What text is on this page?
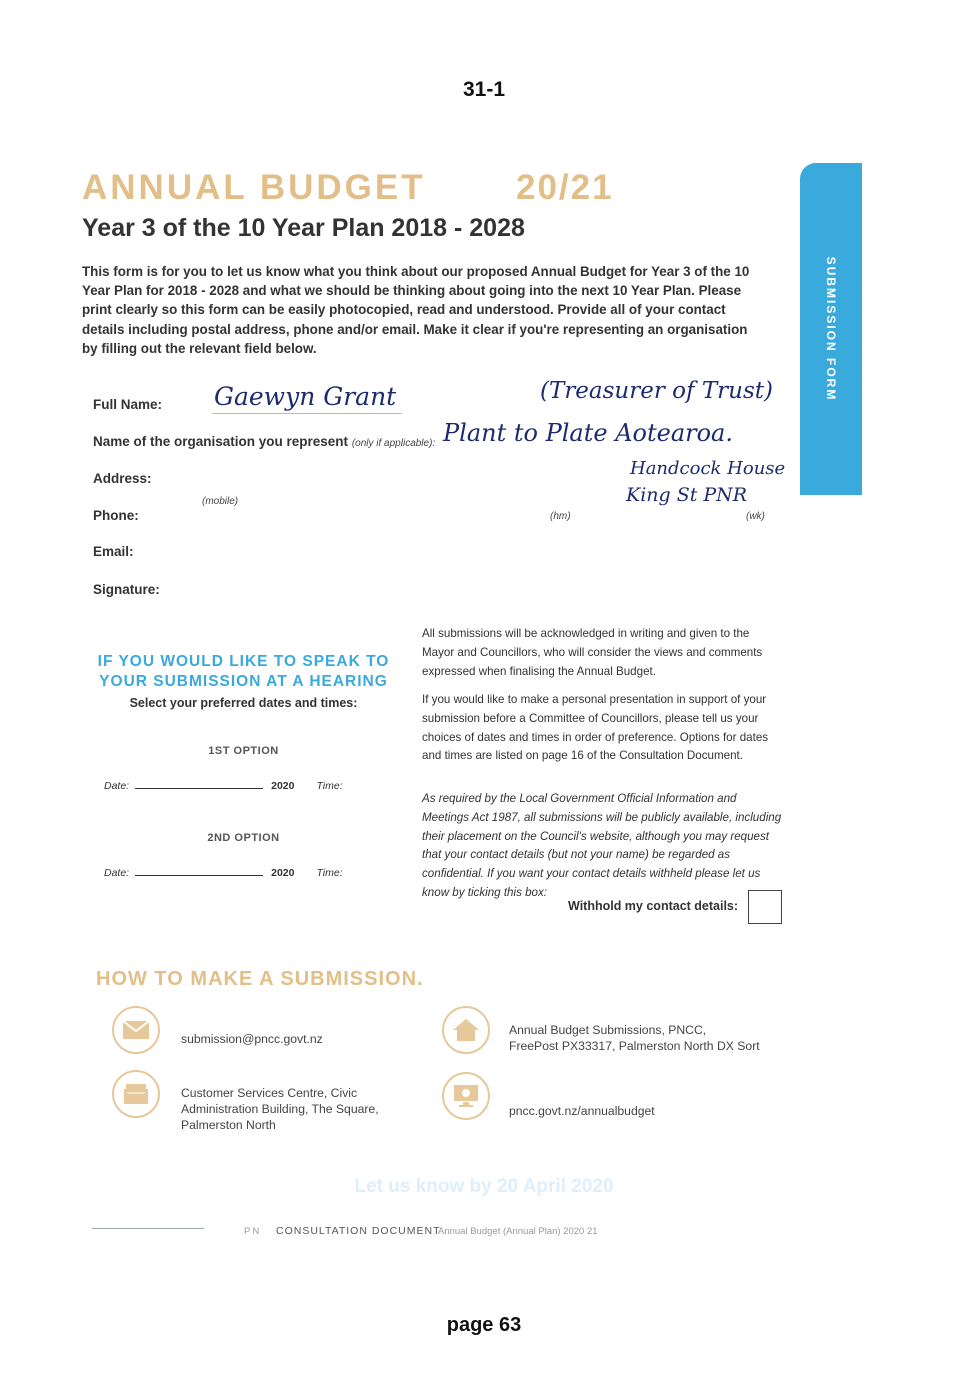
31-1
ANNUAL BUDGET	20/21
Year 3 of the 10 Year Plan 2018 - 2028
This form is for you to let us know what you think about our proposed Annual Budget for Year 3 of the 10 Year Plan for 2018 - 2028 and what we should be thinking about going into the next 10 Year Plan. Please print clearly so this form can be easily photocopied, read and understood. Provide all of your contact details including postal address, phone and/or email. Make it clear if you're representing an organisation by filling out the relevant field below.	SUBMISSION FORM
Full Name: Gaewyn Grant	(Treasurer of Trust)
Name of the organisation you represent (only if applicable): Plant to Plate Aotearoa.
Address:	Handcock House
King St PNR
(mobile)
Phone:	(hm)	(wk)
Email:
Signature:
IF YOU WOULD LIKE TO SPEAK TO
YOUR SUBMISSION AT A HEARING
Select your preferred dates and times:
1ST OPTION
Date:	2020 Time:
2ND OPTION
Date:	2020 Time:
All submissions will be acknowledged in writing and given to the Mayor and Councillors, who will consider the views and comments expressed when finalising the Annual Budget.
If you would like to make a personal presentation in support of your submission before a Committee of Councillors, please tell us your choices of dates and times in order of preference. Options for dates and times are listed on page 16 of the Consultation Document.
As required by the Local Government Official Information and Meetings Act 1987, all submissions will be publicly available, including their placement on the Council's website, although you may request that your contact details (but not your name) be regarded as confidential. If you want your contact details withheld please let us know by ticking this box:
Withhold my contact details:
HOW TO MAKE A SUBMISSION.
submission@pncc.govt.nz
Annual Budget Submissions, PNCC,
FreePost PX33317, Palmerston North DX Sort
Customer Services Centre, Civic
Administration Building, The Square,
Palmerston North
pncc.govt.nz/annualbudget
Let us know by 20 April 2020
PN CONSULTATION DOCUMENT
Annual Budget (Annual Plan) 2020 21
page 63
